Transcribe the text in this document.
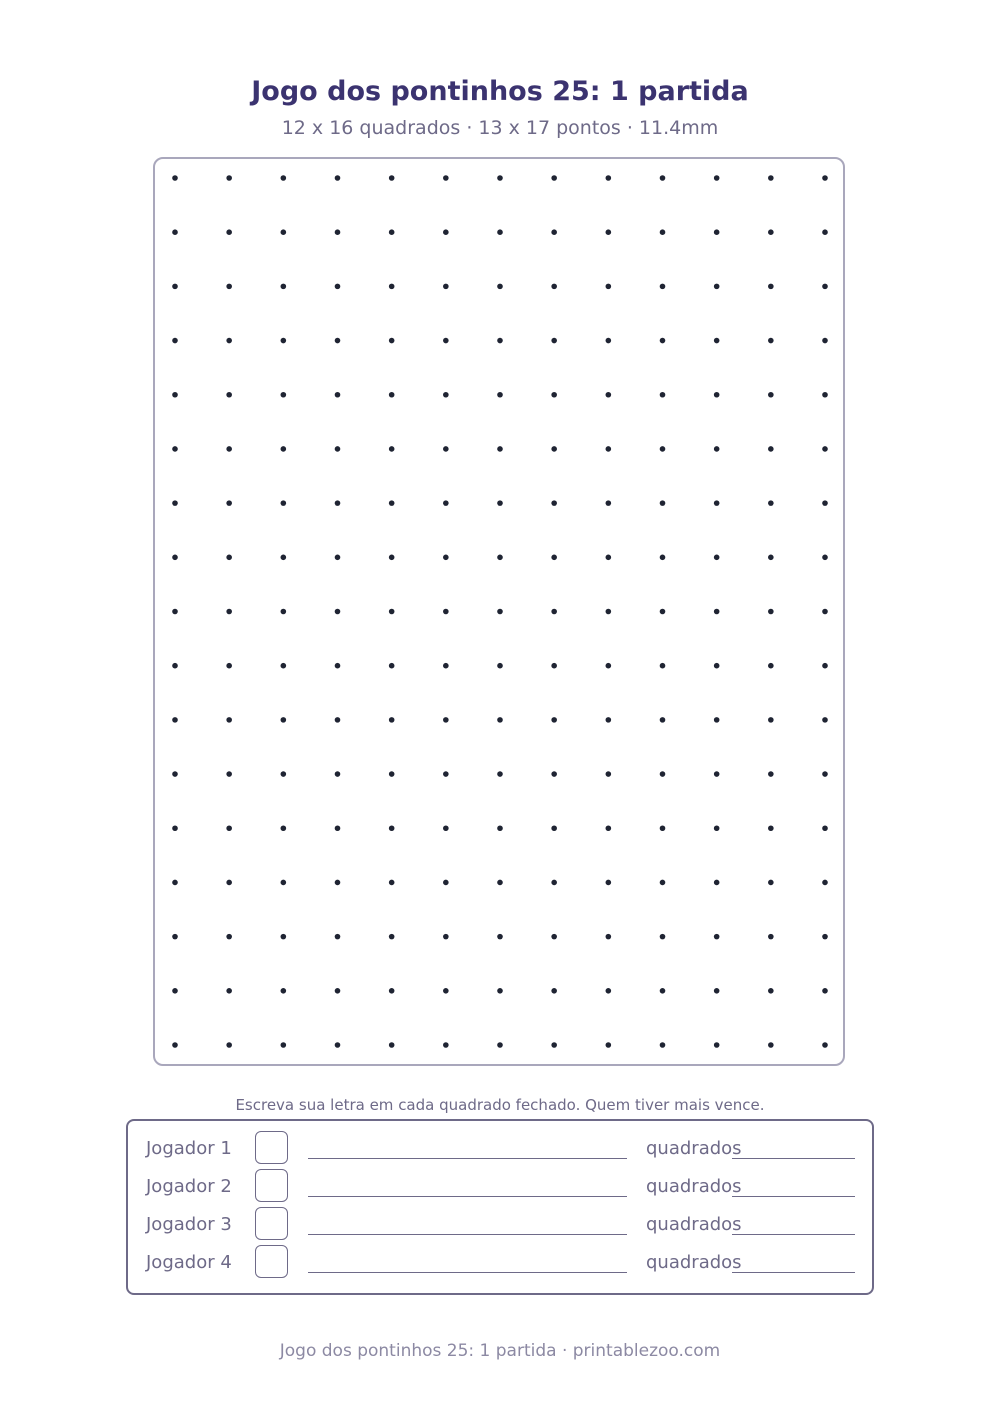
Jogo dos pontinhos 25: 1 partida
12 x 16 quadrados · 13 x 17 pontos · 11.4mm
Escreva sua letra em cada quadrado fechado. Quem tiver mais vence.
Jogador 1	quadrados
Jogador 2	quadrados
Jogador 3	quadrados
Jogador 4	quadrados
Jogo dos pontinhos 25: 1 partida · printablezoo.com
